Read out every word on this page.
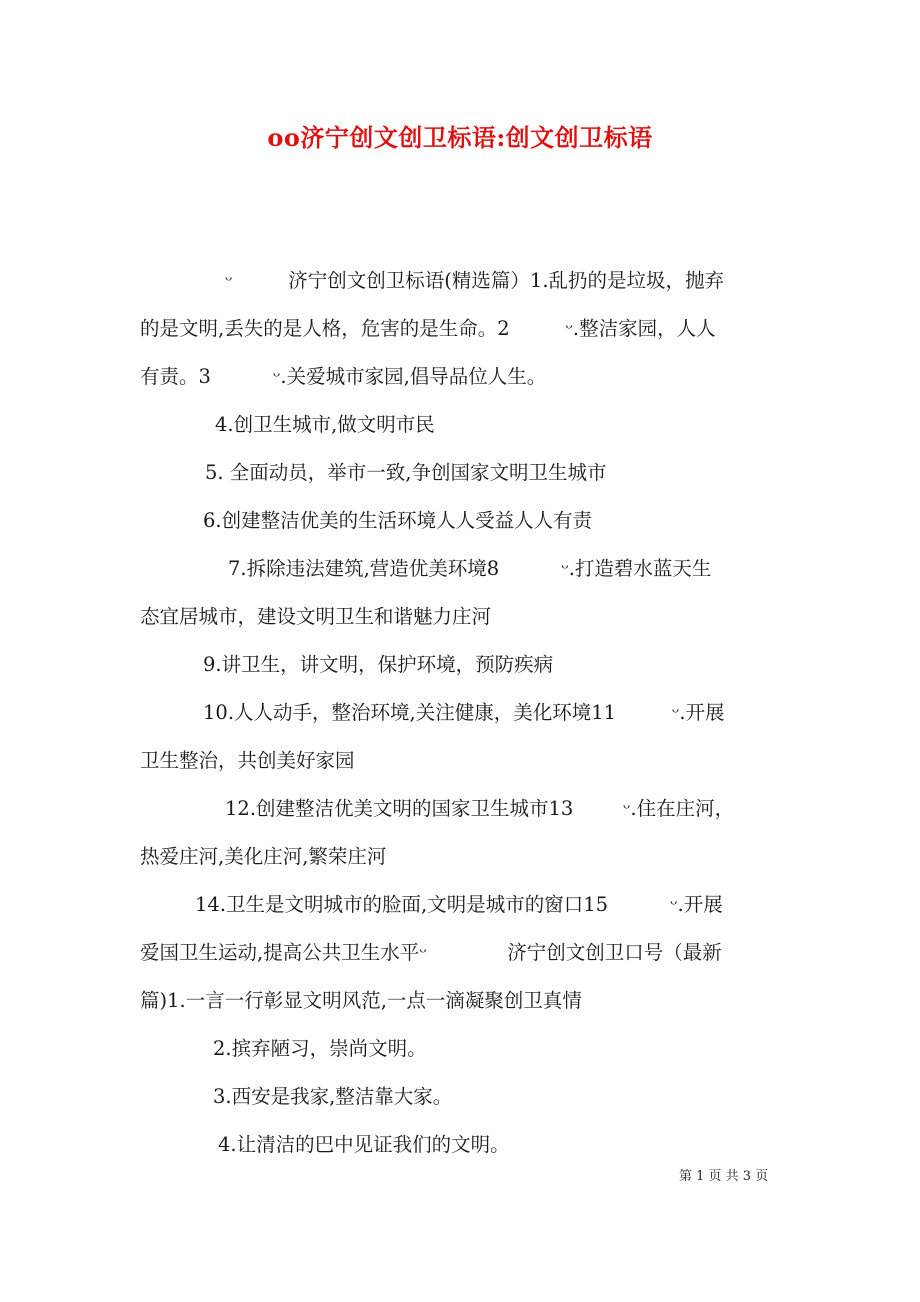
ᴏᴏ济宁创文创卫标语:创文创卫标语
ᵕ         济宁创文创卫标语(精选篇）1.乱扔的是垃圾，抛弃
的是文明,丢失的是人格，危害的是生命。2         ᵕ.整洁家园，人人
有责。3          ᵕ.关爱城市家园,倡导品位人生。
4.创卫生城市,做文明市民
5. 全面动员，举市一致,争创国家文明卫生城市
6.创建整洁优美的生活环境人人受益人人有责
7.拆除违法建筑,营造优美环境8          ᵕ.打造碧水蓝天生
态宜居城市，建设文明卫生和谐魅力庄河
9.讲卫生，讲文明，保护环境，预防疾病
10.人人动手，整治环境,关注健康，美化环境11         ᵕ.开展
卫生整治，共创美好家园
12.创建整洁优美文明的国家卫生城市13        ᵕ.住在庄河，
热爱庄河,美化庄河,繁荣庄河
14.卫生是文明城市的脸面,文明是城市的窗口15          ᵕ.开展
爱国卫生运动,提高公共卫生水平ᵕ             济宁创文创卫口号（最新
篇)1.一言一行彰显文明风范,一点一滴凝聚创卫真情
2.摈弃陋习，崇尚文明。
3.西安是我家,整洁靠大家。
4.让清洁的巴中见证我们的文明。
第 1 页 共 3 页
